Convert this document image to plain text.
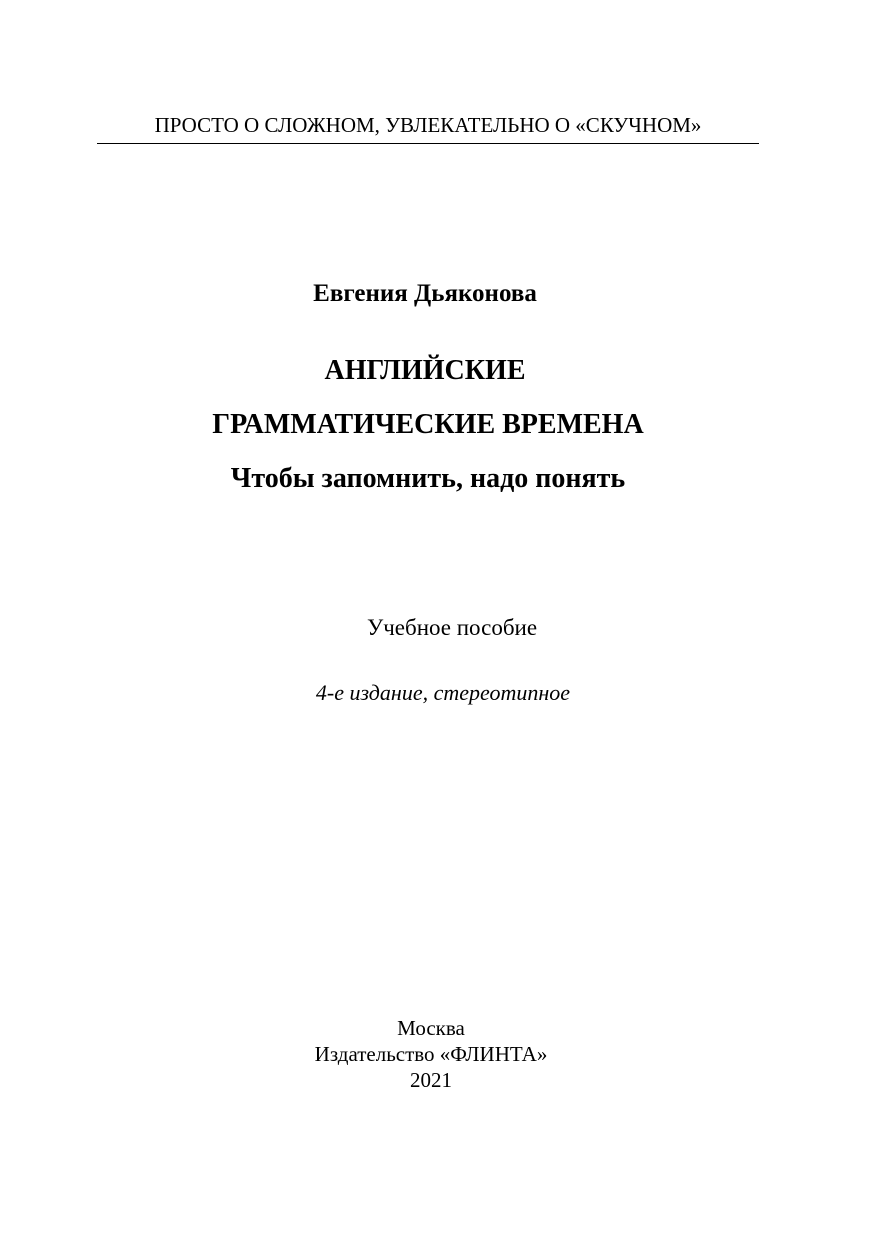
ПРОСТО О СЛОЖНОМ, УВЛЕКАТЕЛЬНО О «СКУЧНОМ»
Евгения Дьяконова
АНГЛИЙСКИЕ
ГРАММАТИЧЕСКИЕ ВРЕМЕНА
Чтобы запомнить, надо понять
Учебное пособие
4-е издание, стереотипное
Москва
Издательство «ФЛИНТА»
2021
